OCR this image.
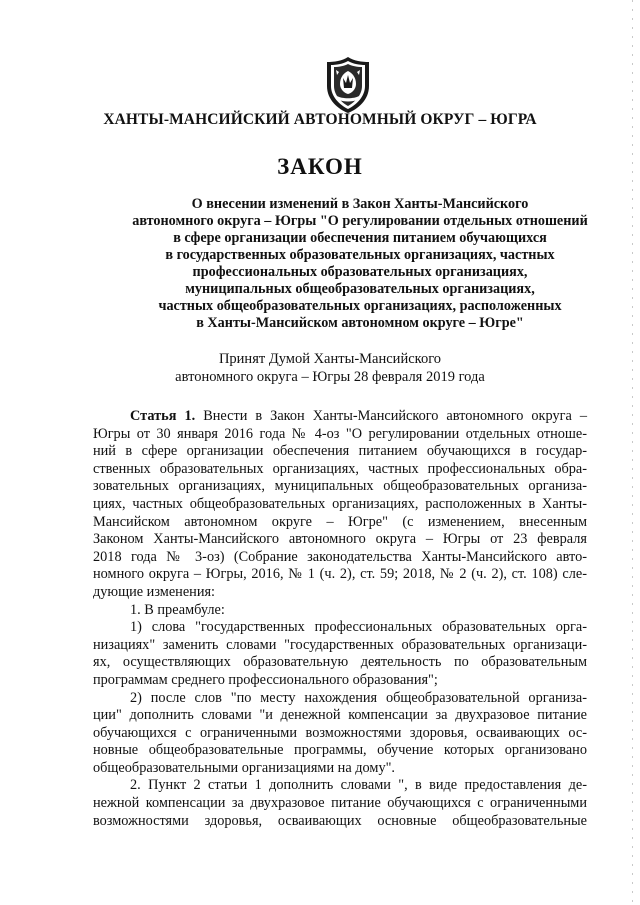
ХАНТЫ-МАНСИЙСКИЙ АВТОНОМНЫЙ ОКРУГ – ЮГРА
ЗАКОН
О внесении изменений в Закон Ханты-Мансийского
автономного округа – Югры "О регулировании отдельных отношений
в сфере организации обеспечения питанием обучающихся
в государственных образовательных организациях, частных
профессиональных образовательных организациях,
муниципальных общеобразовательных организациях,
частных общеобразовательных организациях, расположенных
в Ханты-Мансийском автономном округе – Югре"
Принят Думой Ханты-Мансийского
автономного округа – Югры 28 февраля 2019 года
Статья 1. Внести в Закон Ханты-Мансийского автономного округа –
Югры от 30 января 2016 года № 4-оз "О регулировании отдельных отноше-
ний в сфере организации обеспечения питанием обучающихся в государ-
ственных образовательных организациях, частных профессиональных обра-
зовательных организациях, муниципальных общеобразовательных организа-
циях, частных общеобразовательных организациях, расположенных в Ханты-
Мансийском автономном округе – Югре" (с изменением, внесенным
Законом Ханты-Мансийского автономного округа – Югры от 23 февраля
2018 года № 3-оз) (Собрание законодательства Ханты-Мансийского авто-
номного округа – Югры, 2016, № 1 (ч. 2), ст. 59; 2018, № 2 (ч. 2), ст. 108) сле-
дующие изменения:
1. В преамбуле:
1) слова "государственных профессиональных образовательных орга-
низациях" заменить словами "государственных образовательных организаци-
ях, осуществляющих образовательную деятельность по образовательным
программам среднего профессионального образования";
2) после слов "по месту нахождения общеобразовательной организа-
ции" дополнить словами "и денежной компенсации за двухразовое питание
обучающихся с ограниченными возможностями здоровья, осваивающих ос-
новные общеобразовательные программы, обучение которых организовано
общеобразовательными организациями на дому".
2. Пункт 2 статьи 1 дополнить словами ", в виде предоставления де-
нежной компенсации за двухразовое питание обучающихся с ограниченными
возможностями здоровья, осваивающих основные общеобразовательные
